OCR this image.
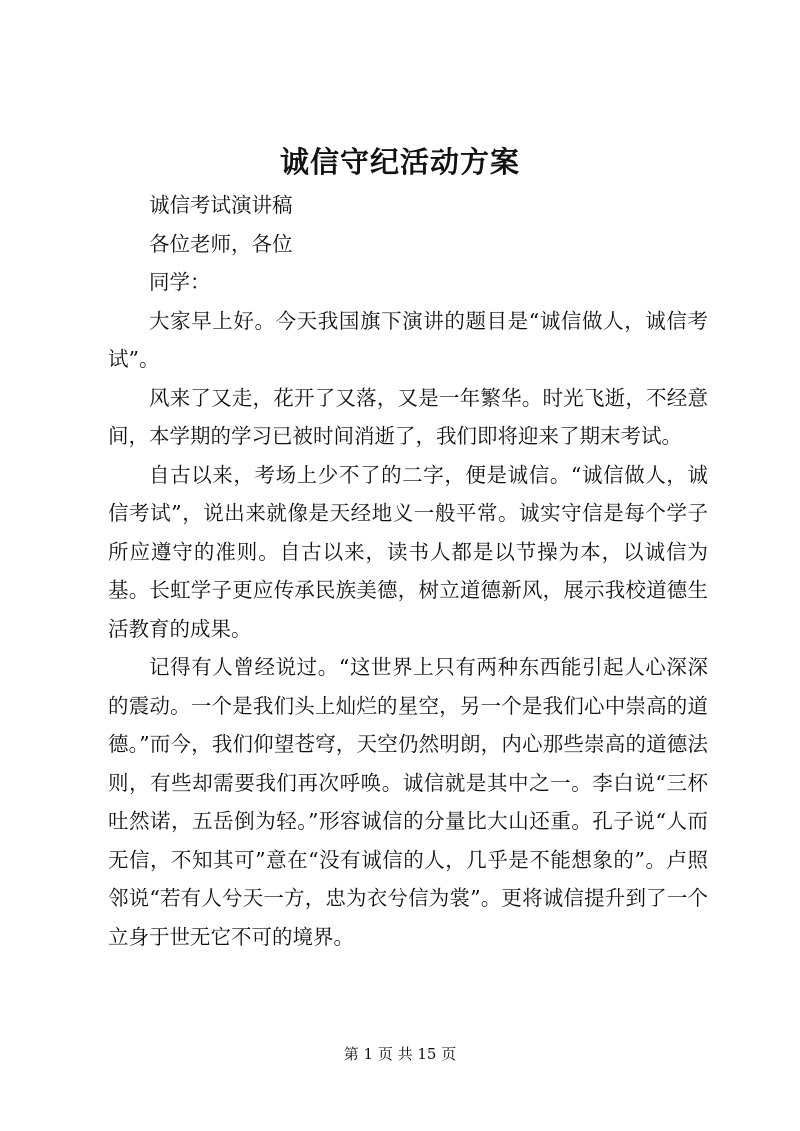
诚信守纪活动方案

诚信考试演讲稿

各位老师，各位

同学：

大家早上好。今天我国旗下演讲的题目是“诚信做人，诚信考试”。

风来了又走，花开了又落，又是一年繁华。时光飞逝，不经意间，本学期的学习已被时间消逝了，我们即将迎来了期末考试。

自古以来，考场上少不了的二字，便是诚信。“诚信做人，诚信考试”，说出来就像是天经地义一般平常。诚实守信是每个学子所应遵守的准则。自古以来，读书人都是以节操为本，以诚信为基。长虹学子更应传承民族美德，树立道德新风，展示我校道德生活教育的成果。

记得有人曾经说过。“这世界上只有两种东西能引起人心深深的震动。一个是我们头上灿烂的星空，另一个是我们心中崇高的道德。”而今，我们仰望苍穹，天空仍然明朗，内心那些崇高的道德法则，有些却需要我们再次呼唤。诚信就是其中之一。李白说“三杯吐然诺，五岳倒为轻。”形容诚信的分量比大山还重。孔子说“人而无信，不知其可”意在“没有诚信的人，几乎是不能想象的”。卢照邻说“若有人兮天一方，忠为衣兮信为裳”。更将诚信提升到了一个立身于世无它不可的境界。

第 1 页 共 15 页
